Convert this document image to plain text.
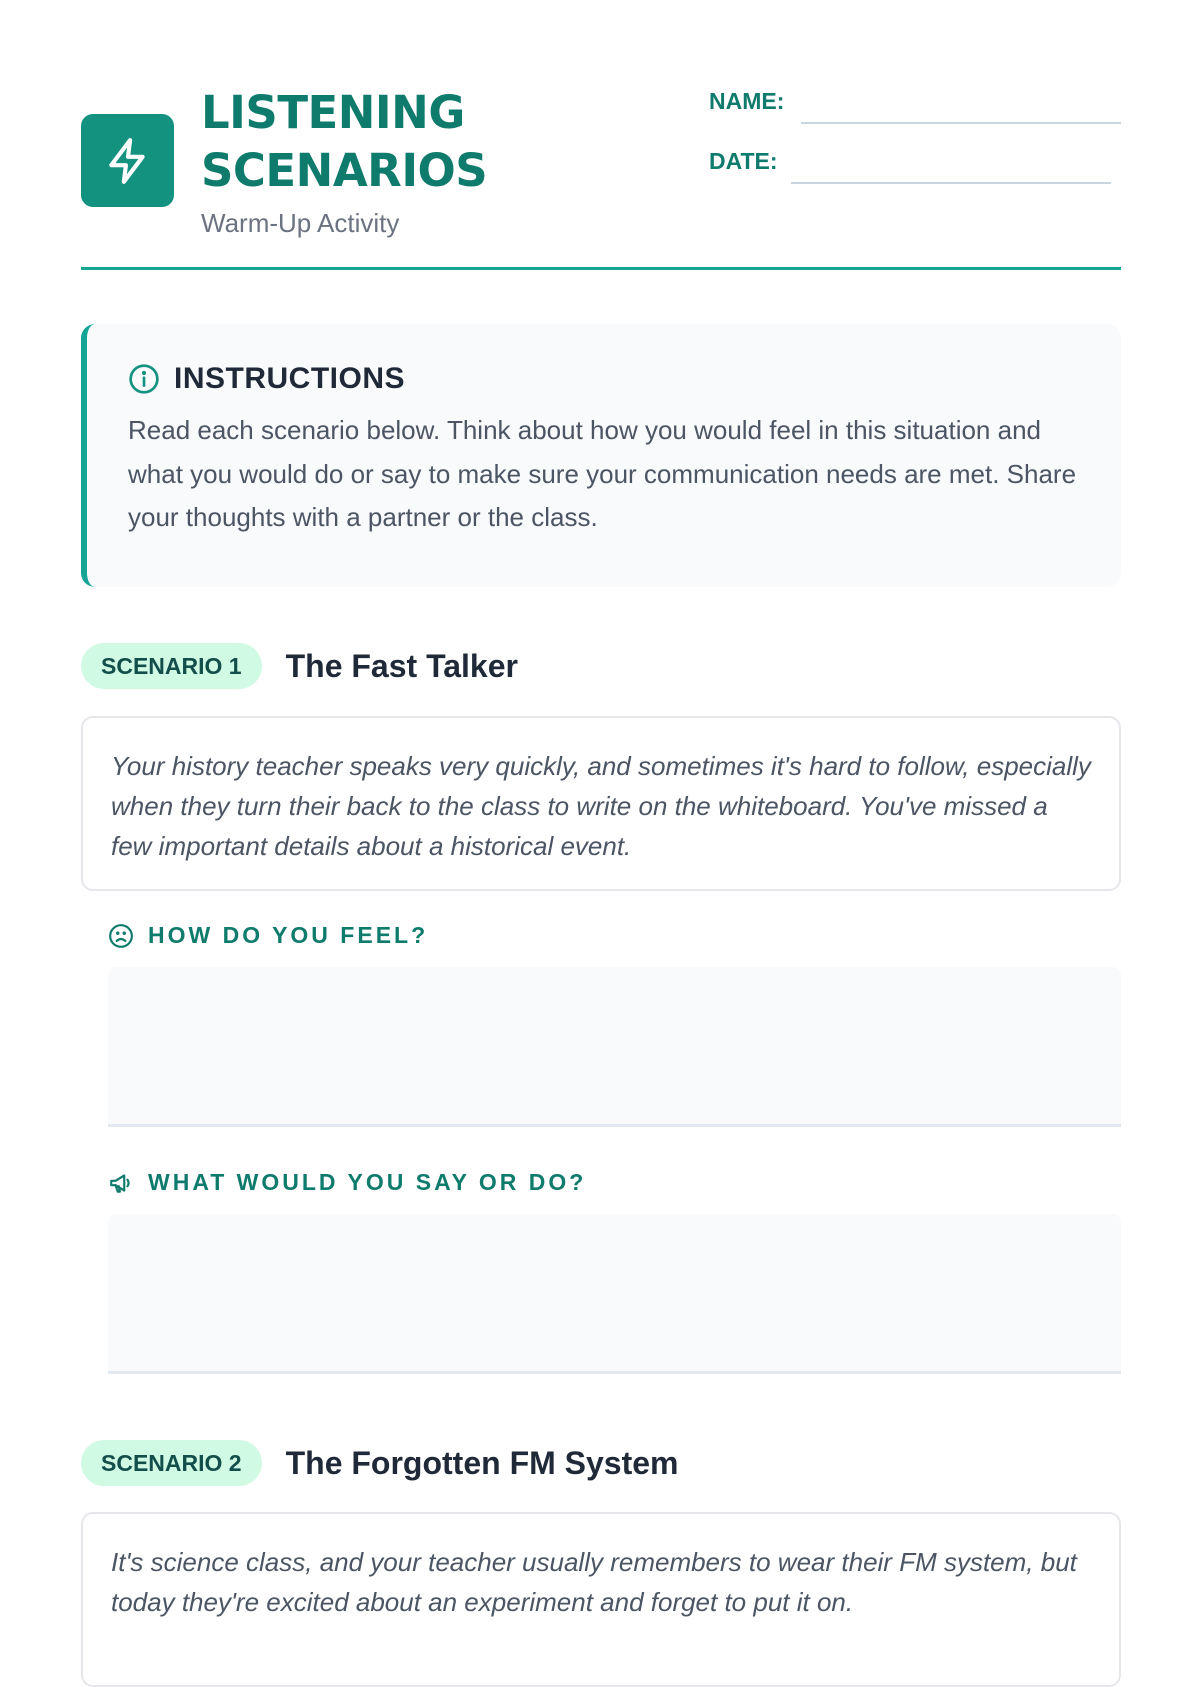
LISTENING SCENARIOS
Warm-Up Activity
NAME:
DATE:
INSTRUCTIONS

Read each scenario below. Think about how you would feel in this situation and what you would do or say to make sure your communication needs are met. Share your thoughts with a partner or the class.

SCENARIO 1	The Fast Talker

Your history teacher speaks very quickly, and sometimes it's hard to follow, especially when they turn their back to the class to write on the whiteboard. You've missed a few important details about a historical event.

HOW DO YOU FEEL?
WHAT WOULD YOU SAY OR DO?
SCENARIO 2	The Forgotten FM System

It's science class, and your teacher usually remembers to wear their FM system, but today they're excited about an experiment and forget to put it on.
